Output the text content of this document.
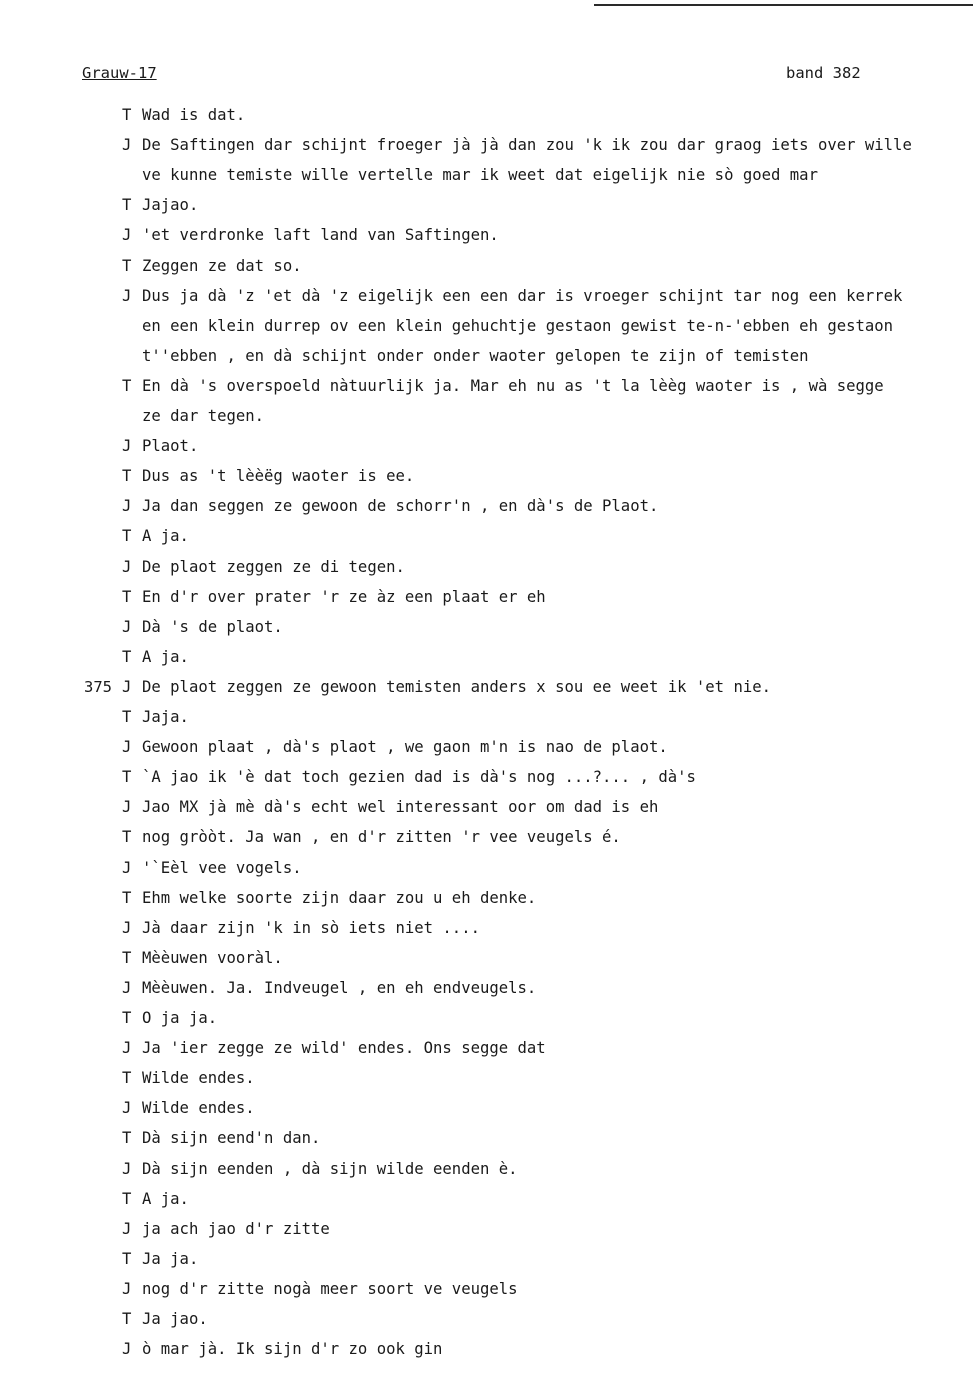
Grauw-17	band 382
T Wad is dat.
J De Saftingen dar schijnt froeger jà jà dan zou 'k ik zou dar graog iets over wille
ve kunne temiste wille vertelle mar ik weet dat eigelijk nie sò goed mar
T Jajao.
J 'et verdronke laft land van Saftingen.
T Zeggen ze dat so.
J Dus ja dà 'z 'et dà 'z eigelijk een een dar is vroeger schijnt tar nog een kerrek
en een klein durrep ov een klein gehuchtje gestaon gewist te-n-'ebben eh gestaon
t''ebben , en dà schijnt onder onder waoter gelopen te zijn of temisten
T En dà 's overspoeld nàtuurlijk ja. Mar eh nu as 't la lèèg waoter is , wà segge
ze dar tegen.
J Plaot.
T Dus as 't lèèëg waoter is ee.
J Ja dan seggen ze gewoon de schorr'n , en dà's de Plaot.
T A ja.
J De plaot zeggen ze di tegen.
T En d'r over prater 'r ze àz een plaat er eh
J Dà 's de plaot.
T A ja.
375 J De plaot zeggen ze gewoon temisten anders x sou ee weet ik 'et nie.
T Jaja.
J Gewoon plaat , dà's plaot , we gaon m'n is nao de plaot.
T `A jao ik 'è dat toch gezien dad is dà's nog ...?... , dà's
J Jao MX jà mè dà's echt wel interessant oor om dad is eh
T nog gròòt. Ja wan , en d'r zitten 'r vee veugels é.
J '`Eèl vee vogels.
T Ehm welke soorte zijn daar zou u eh denke.
J Jà daar zijn 'k in sò iets niet ....
T Mèèuwen vooràl.
J Mèèuwen. Ja. Indveugel , en eh endveugels.
T O ja ja.
J Ja 'ier zegge ze wild' endes. Ons segge dat
T Wilde endes.
J Wilde endes.
T Dà sijn eend'n dan.
J Dà sijn eenden , dà sijn wilde eenden è.
T A ja.
J ja ach jao d'r zitte
T Ja ja.
J nog d'r zitte nogà meer soort ve veugels
T Ja jao.
J ò mar jà. Ik sijn d'r zo ook gin
